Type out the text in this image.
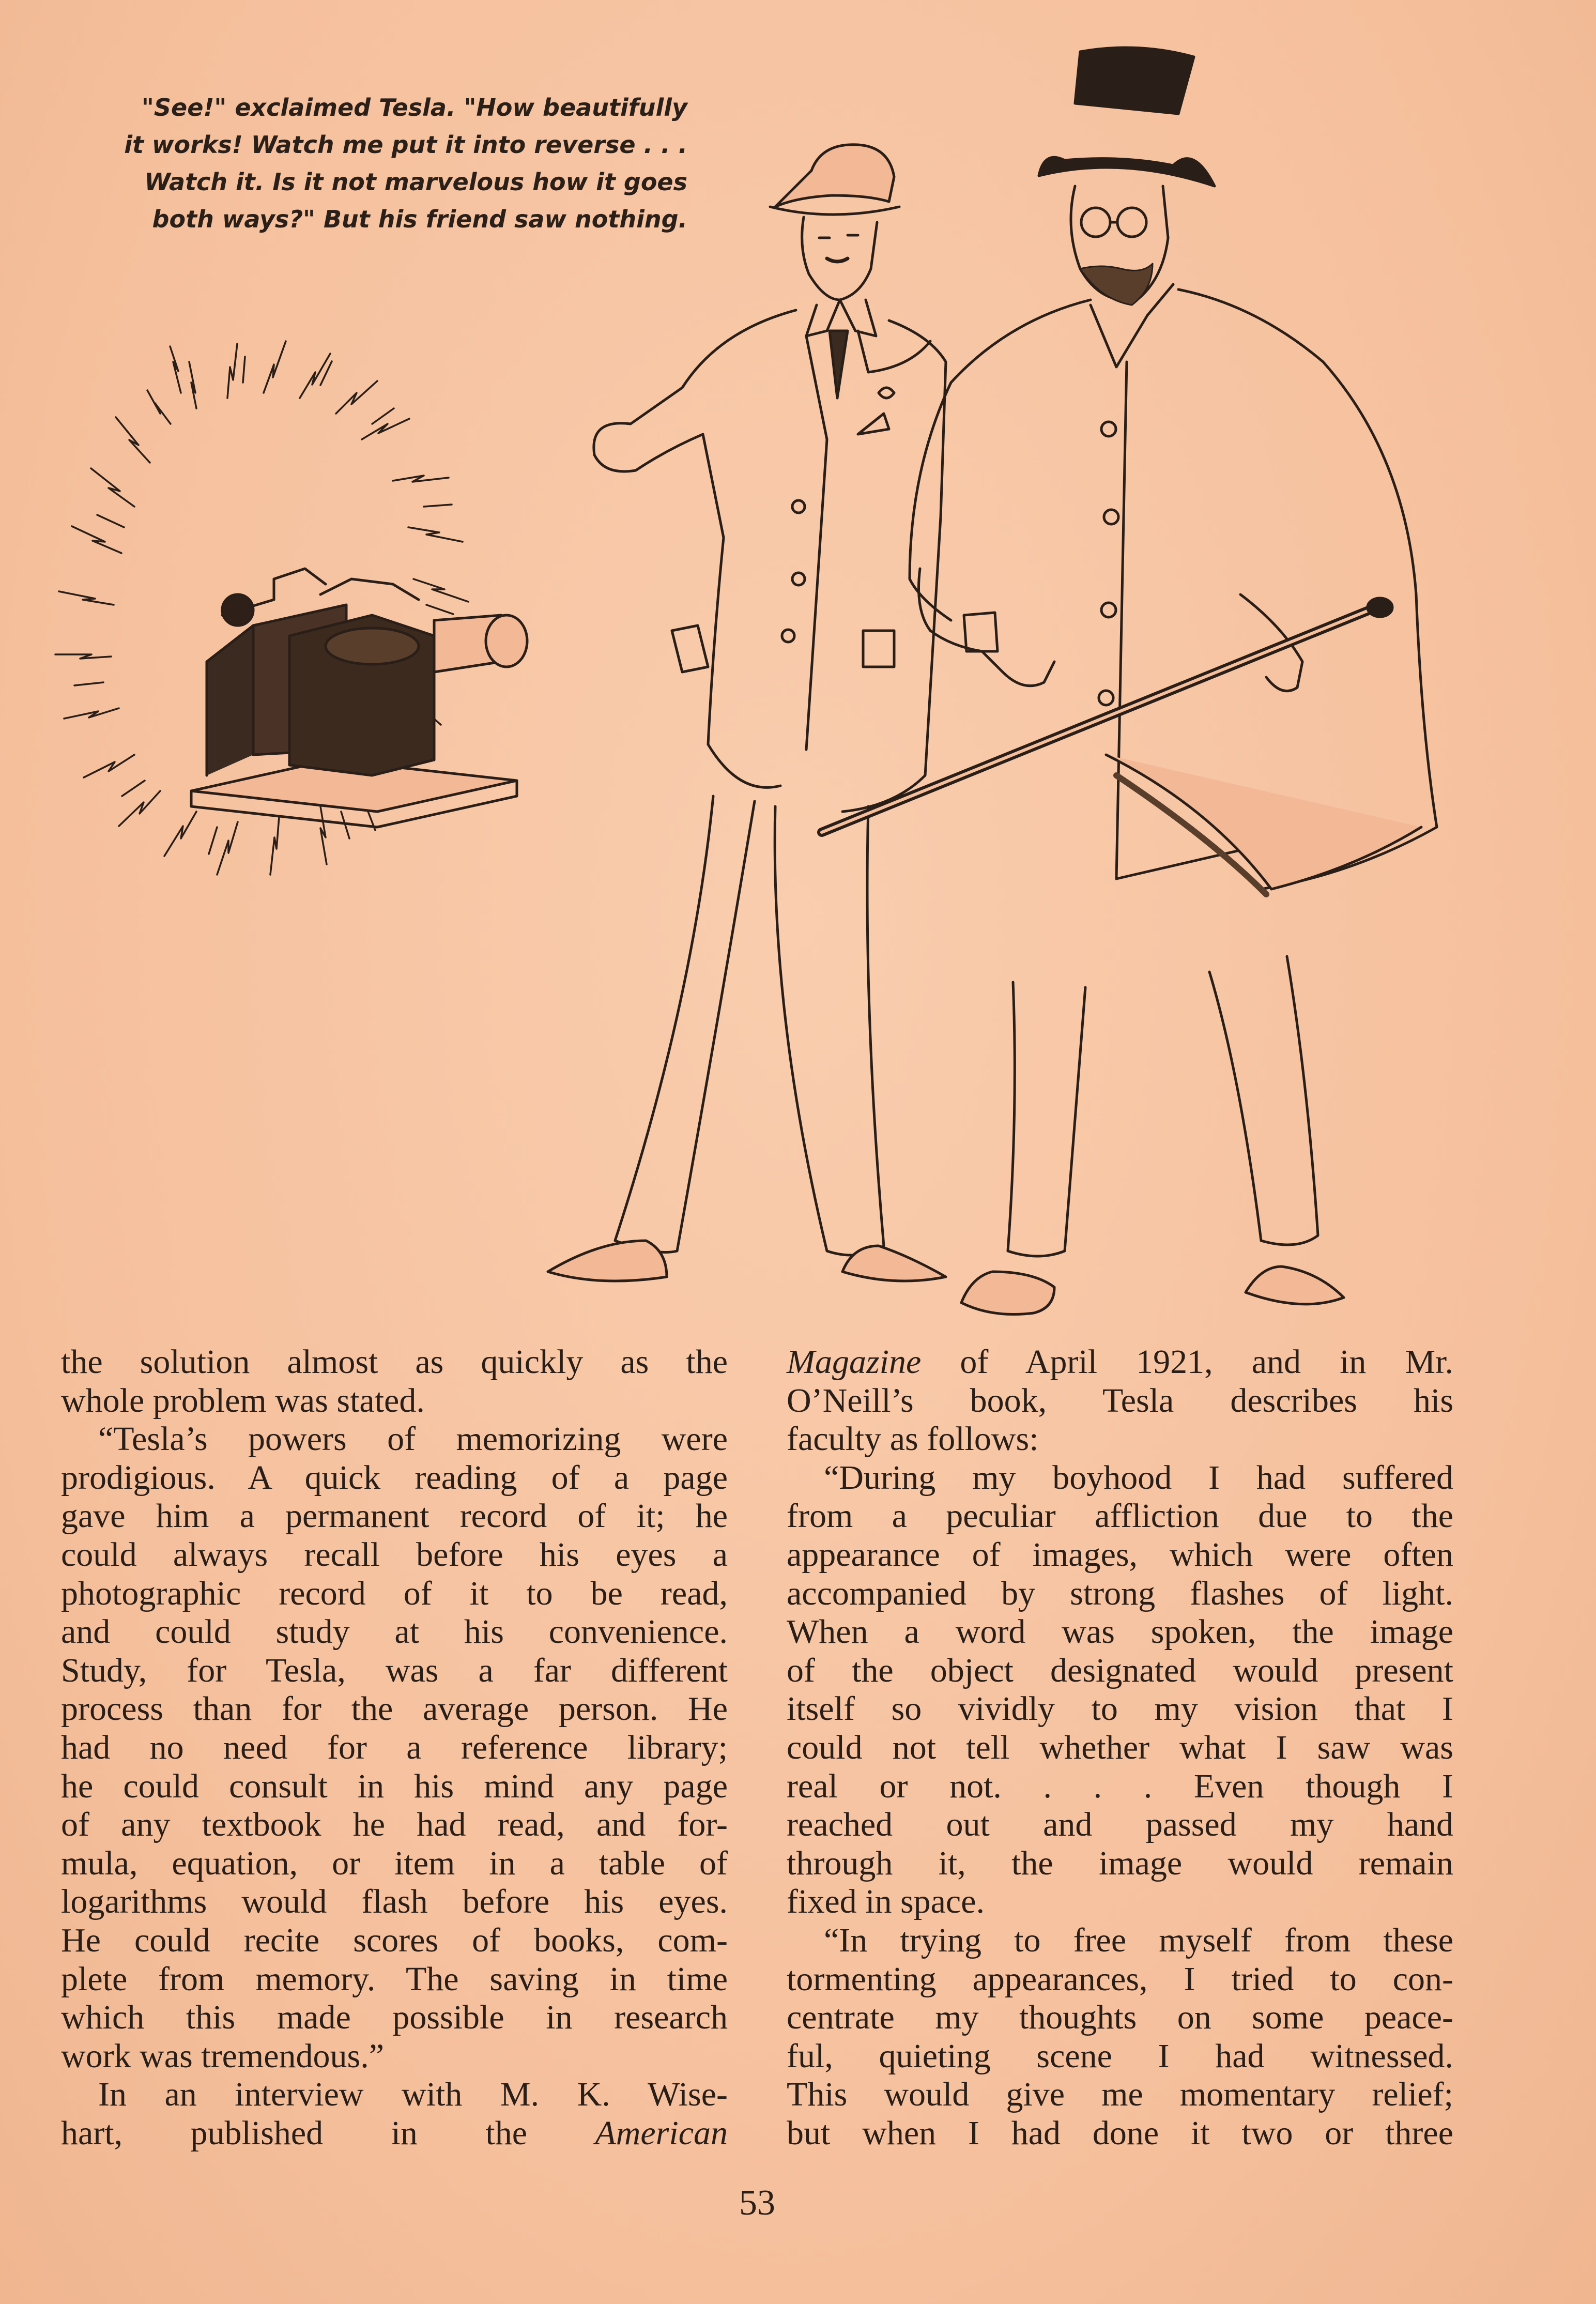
"See!" exclaimed Tesla. "How beautifully
it works! Watch me put it into reverse . . .
Watch it. Is it not marvelous how it goes
both ways?" But his friend saw nothing.
the solution almost as quickly as the
whole problem was stated.
“Tesla’s powers of memorizing were
prodigious. A quick reading of a page
gave him a permanent record of it; he
could always recall before his eyes a
photographic record of it to be read,
and could study at his convenience.
Study, for Tesla, was a far different
process than for the average person. He
had no need for a reference library;
he could consult in his mind any page
of any textbook he had read, and for-
mula, equation, or item in a table of
logarithms would flash before his eyes.
He could recite scores of books, com-
plete from memory. The saving in time
which this made possible in research
work was tremendous.”
In an interview with M. K. Wise-
hart, published in the American
Magazine of April 1921, and in Mr.
O’Neill’s book, Tesla describes his
faculty as follows:
“During my boyhood I had suffered
from a peculiar affliction due to the
appearance of images, which were often
accompanied by strong flashes of light.
When a word was spoken, the image
of the object designated would present
itself so vividly to my vision that I
could not tell whether what I saw was
real or not. . . . Even though I
reached out and passed my hand
through it, the image would remain
fixed in space.
“In trying to free myself from these
tormenting appearances, I tried to con-
centrate my thoughts on some peace-
ful, quieting scene I had witnessed.
This would give me momentary relief;
but when I had done it two or three
53
